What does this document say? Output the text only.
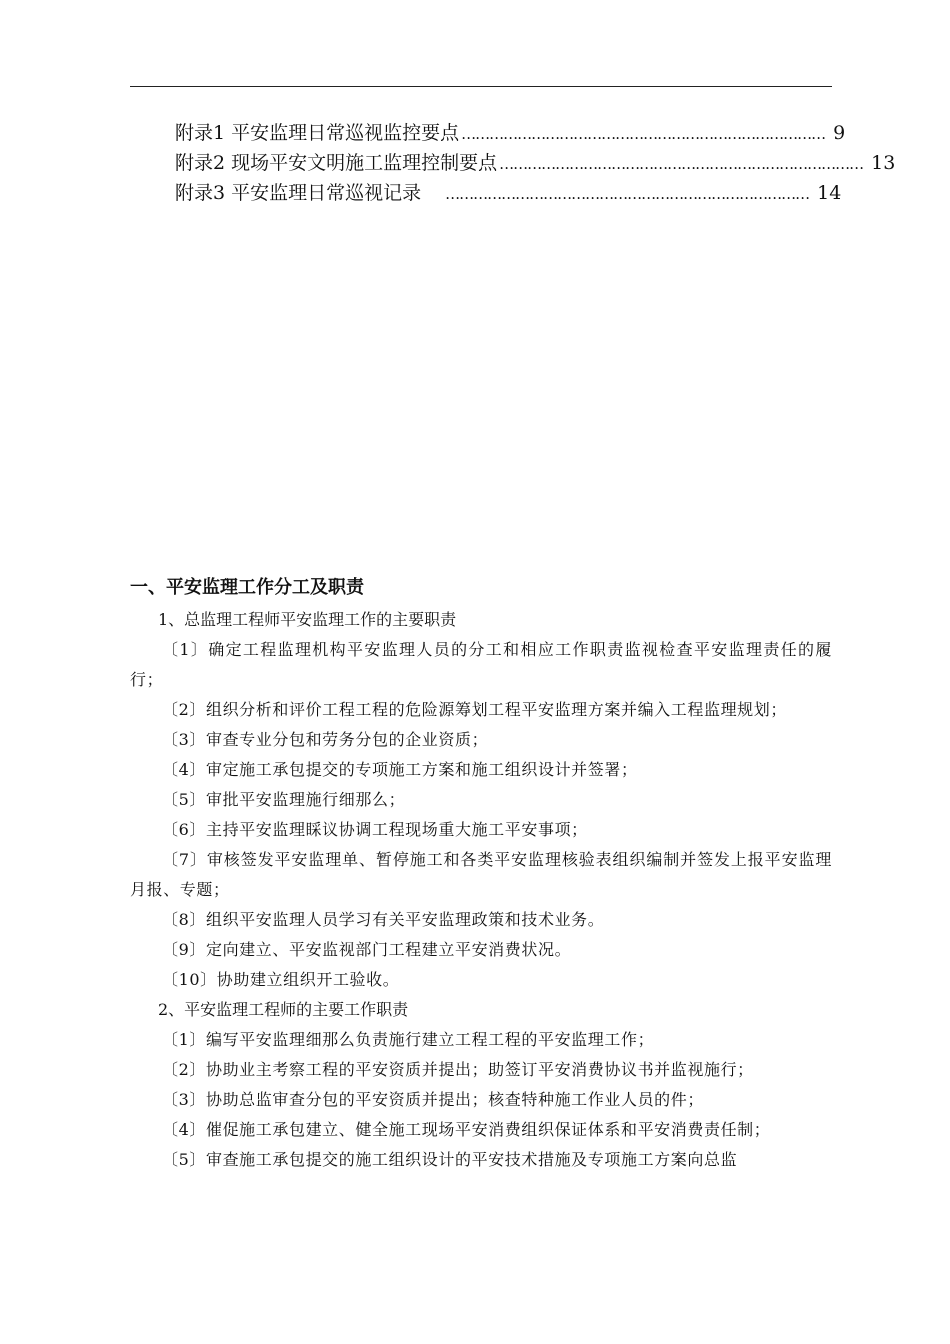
附录1 平安监理日常巡视监控要点 …………………………………………………………………… 9
附录2 现场平安文明施工监理控制要点 …………………………………………………………………… 13
附录3 平安监理日常巡视记录 …………………………………………………………………… 14
一、平安监理工作分工及职责

1、总监理工程师平安监理工作的主要职责

〔1〕确定工程监理机构平安监理人员的分工和相应工作职责监视检查平安监理责任的履行；

〔2〕组织分析和评价工程工程的危险源筹划工程平安监理方案并编入工程监理规划；

〔3〕审查专业分包和劳务分包的企业资质；

〔4〕审定施工承包提交的专项施工方案和施工组织设计并签署；

〔5〕审批平安监理施行细那么；

〔6〕主持平安监理睬议协调工程现场重大施工平安事项；

〔7〕审核签发平安监理单、暂停施工和各类平安监理核验表组织编制并签发上报平安监理月报、专题；

〔8〕组织平安监理人员学习有关平安监理政策和技术业务。

〔9〕定向建立、平安监视部门工程建立平安消费状况。

〔10〕协助建立组织开工验收。

2、平安监理工程师的主要工作职责

〔1〕编写平安监理细那么负责施行建立工程工程的平安监理工作；

〔2〕协助业主考察工程的平安资质并提出；助签订平安消费协议书并监视施行；

〔3〕协助总监审查分包的平安资质并提出；核查特种施工作业人员的件；

〔4〕催促施工承包建立、健全施工现场平安消费组织保证体系和平安消费责任制；

〔5〕审查施工承包提交的施工组织设计的平安技术措施及专项施工方案向总监
